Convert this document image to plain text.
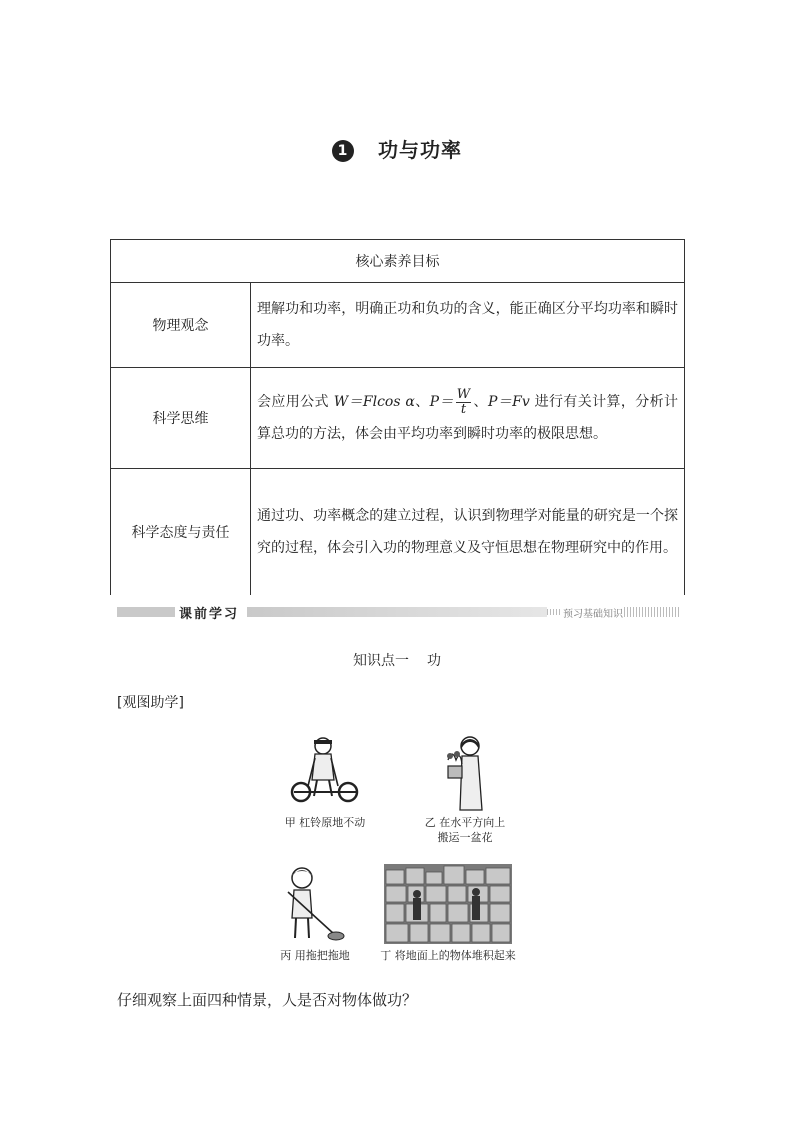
1 功与功率
核心素养目标	
物理观念	理解功和功率，明确正功和负功的含义，能正确区分平均功率和瞬时功率。
科学思维	会应用公式 W＝Flcos α、$P= \frac{W}{t}$ 、P＝Fv 进行有关计算，分析计算总功的方法，体会由平均功率到瞬时功率的极限思想。
科学态度与责任	通过功、功率概念的建立过程，认识到物理学对能量的研究是一个探究的过程，体会引入功的物理意义及守恒思想在物理研究中的作用。
课前学习	预习基础知识
知识点一 功
[观图助学]
甲 杠铃原地不动	乙 在水平方向上
搬运一盆花
丙 用拖把拖地	丁 将地面上的物体堆积起来
仔细观察上面四种情景，人是否对物体做功？
